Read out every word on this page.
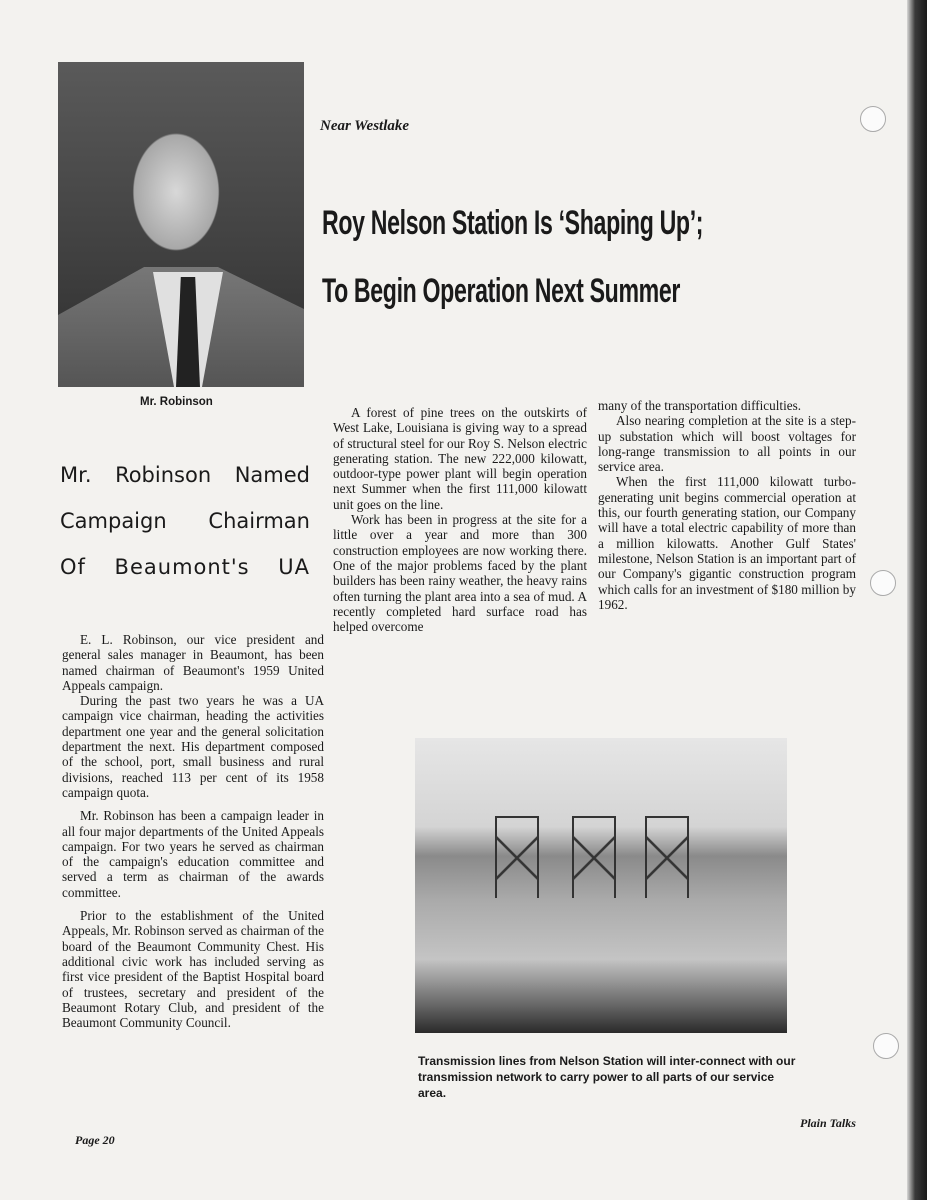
Mr. Robinson
Near Westlake
Roy Nelson Station Is ‘Shaping Up’;
To Begin Operation Next Summer
Mr. Robinson Named
Campaign Chairman
Of Beaumont's UA

E. L. Robinson, our vice president and general sales manager in Beaumont, has been named chairman of Beaumont's 1959 United Appeals campaign.

During the past two years he was a UA campaign vice chairman, heading the activities department one year and the general solicitation department the next. His department composed of the school, port, small business and rural divisions, reached 113 per cent of its 1958 campaign quota.

Mr. Robinson has been a campaign leader in all four major departments of the United Appeals campaign. For two years he served as chairman of the campaign's education committee and served a term as chairman of the awards committee.

Prior to the establishment of the United Appeals, Mr. Robinson served as chairman of the board of the Beaumont Community Chest. His additional civic work has included serving as first vice president of the Baptist Hospital board of trustees, secretary and president of the Beaumont Rotary Club, and president of the Beaumont Community Council.

A forest of pine trees on the outskirts of West Lake, Louisiana is giving way to a spread of structural steel for our Roy S. Nelson electric generating station. The new 222,000 kilowatt, outdoor-type power plant will begin operation next Summer when the first 111,000 kilowatt unit goes on the line.

Work has been in progress at the site for a little over a year and more than 300 construction employees are now working there. One of the major problems faced by the plant builders has been rainy weather, the heavy rains often turning the plant area into a sea of mud. A recently completed hard surface road has helped overcome

many of the transportation difficulties.

Also nearing completion at the site is a step-up substation which will boost voltages for long-range transmission to all points in our service area.

When the first 111,000 kilowatt turbo-generating unit begins commercial operation at this, our fourth generating station, our Company will have a total electric capability of more than a million kilowatts. Another Gulf States' milestone, Nelson Station is an important part of our Company's gigantic construction program which calls for an investment of $180 million by 1962.

Transmission lines from Nelson Station will inter-connect with our transmission network to carry power to all parts of our service area.
Page 20
Plain Talks
